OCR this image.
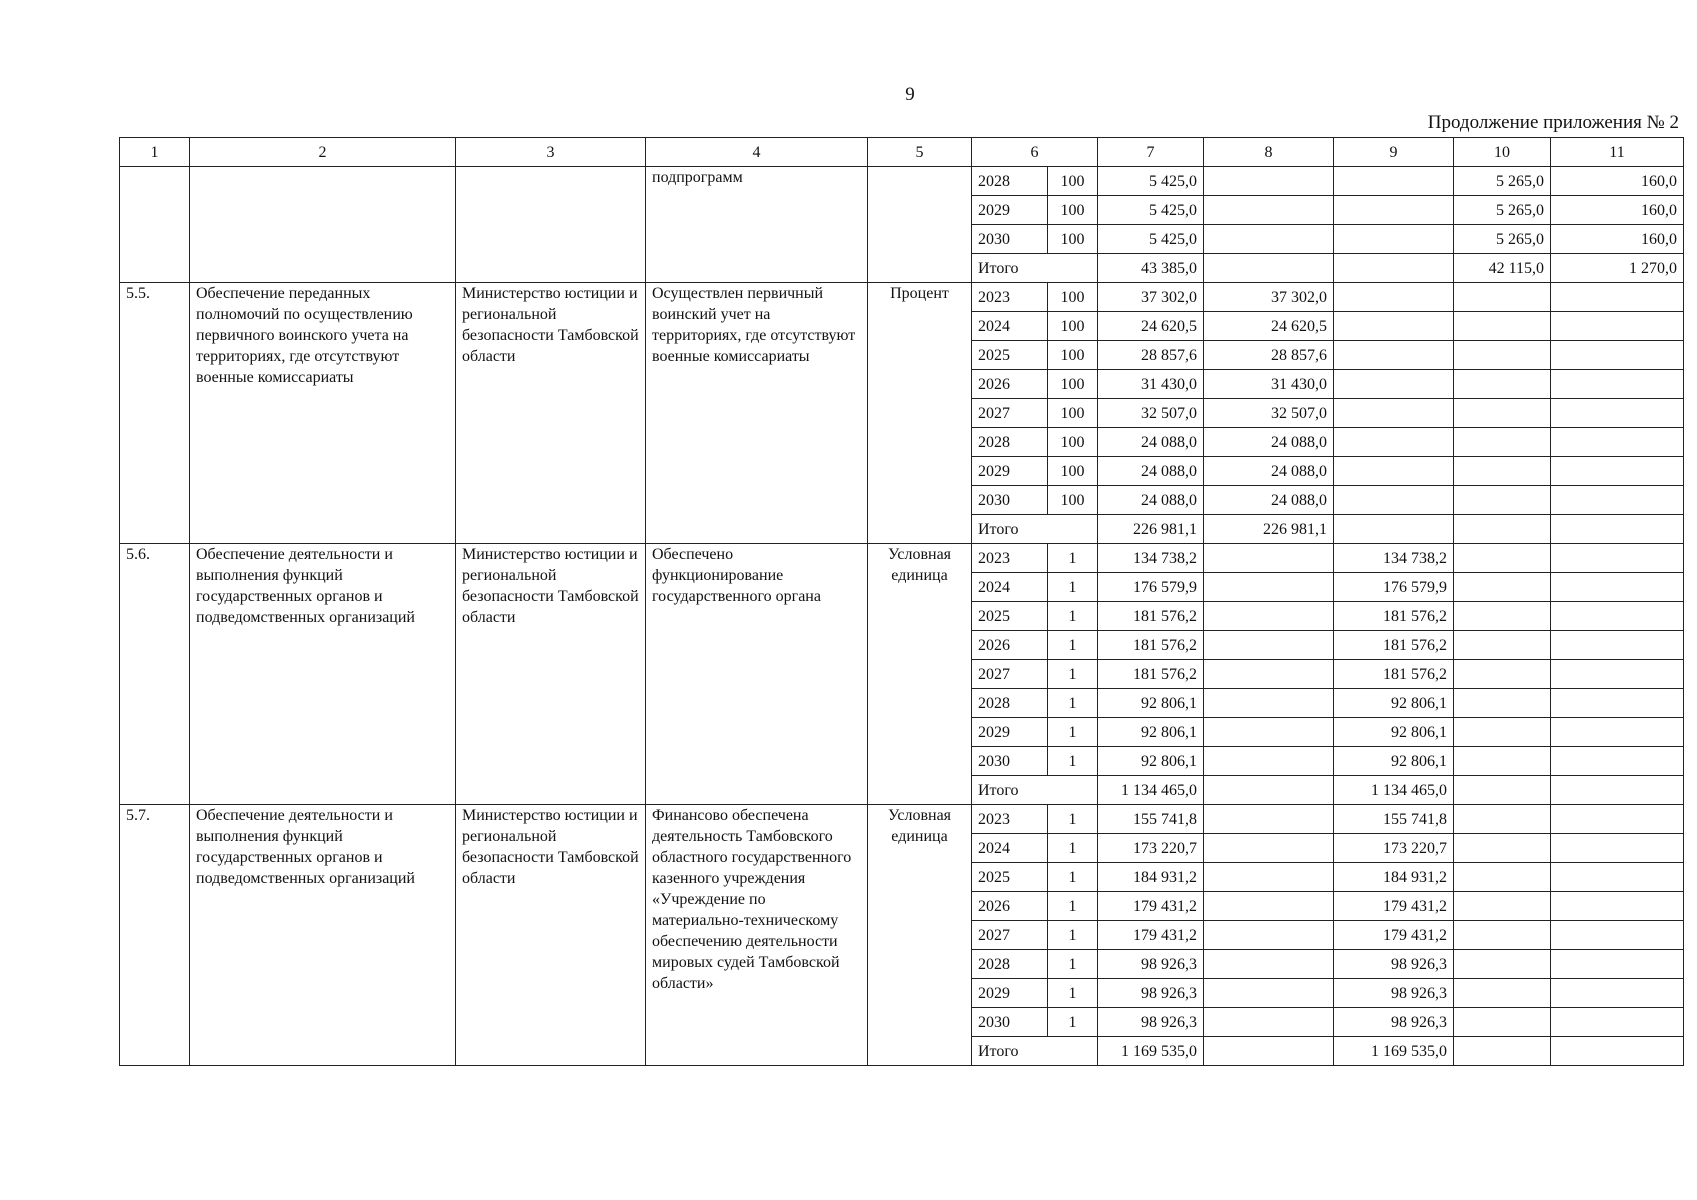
9
Продолжение приложения № 2
1	2	3	4	5	6		7	8	9	10	11
			подпрограмм		2028	100	5 425,0			5 265,0	160,0
					2029	100	5 425,0			5 265,0	160,0
					2030	100	5 425,0			5 265,0	160,0
					Итого		43 385,0			42 115,0	1 270,0
5.5.	Обеспечение переданных полномочий по осуществлению первичного воинского учета на территориях, где отсутствуют военные комиссариаты	Министерство юстиции и региональной безопасности Тамбовской области	Осуществлен первичный воинский учет на территориях, где отсутствуют военные комиссариаты	Процент	2023	100	37 302,0	37 302,0			
					2024	100	24 620,5	24 620,5			
					2025	100	28 857,6	28 857,6			
					2026	100	31 430,0	31 430,0			
					2027	100	32 507,0	32 507,0			
					2028	100	24 088,0	24 088,0			
					2029	100	24 088,0	24 088,0			
					2030	100	24 088,0	24 088,0			
					Итого		226 981,1	226 981,1			
5.6.	Обеспечение деятельности и выполнения функций государственных органов и подведомственных организаций	Министерство юстиции и региональной безопасности Тамбовской области	Обеспечено функционирование государственного органа	Условная единица	2023	1	134 738,2		134 738,2		
					2024	1	176 579,9		176 579,9		
					2025	1	181 576,2		181 576,2		
					2026	1	181 576,2		181 576,2		
					2027	1	181 576,2		181 576,2		
					2028	1	92 806,1		92 806,1		
					2029	1	92 806,1		92 806,1		
					2030	1	92 806,1		92 806,1		
					Итого		1 134 465,0		1 134 465,0		
5.7.	Обеспечение деятельности и выполнения функций государственных органов и подведомственных организаций	Министерство юстиции и региональной безопасности Тамбовской области	Финансово обеспечена деятельность Тамбовского областного государственного казенного учреждения «Учреждение по материально-техническому обеспечению деятельности мировых судей Тамбовской области»	Условная единица	2023	1	155 741,8		155 741,8		
					2024	1	173 220,7		173 220,7		
					2025	1	184 931,2		184 931,2		
					2026	1	179 431,2		179 431,2		
					2027	1	179 431,2		179 431,2		
					2028	1	98 926,3		98 926,3		
					2029	1	98 926,3		98 926,3		
					2030	1	98 926,3		98 926,3		
					Итого		1 169 535,0		1 169 535,0		
